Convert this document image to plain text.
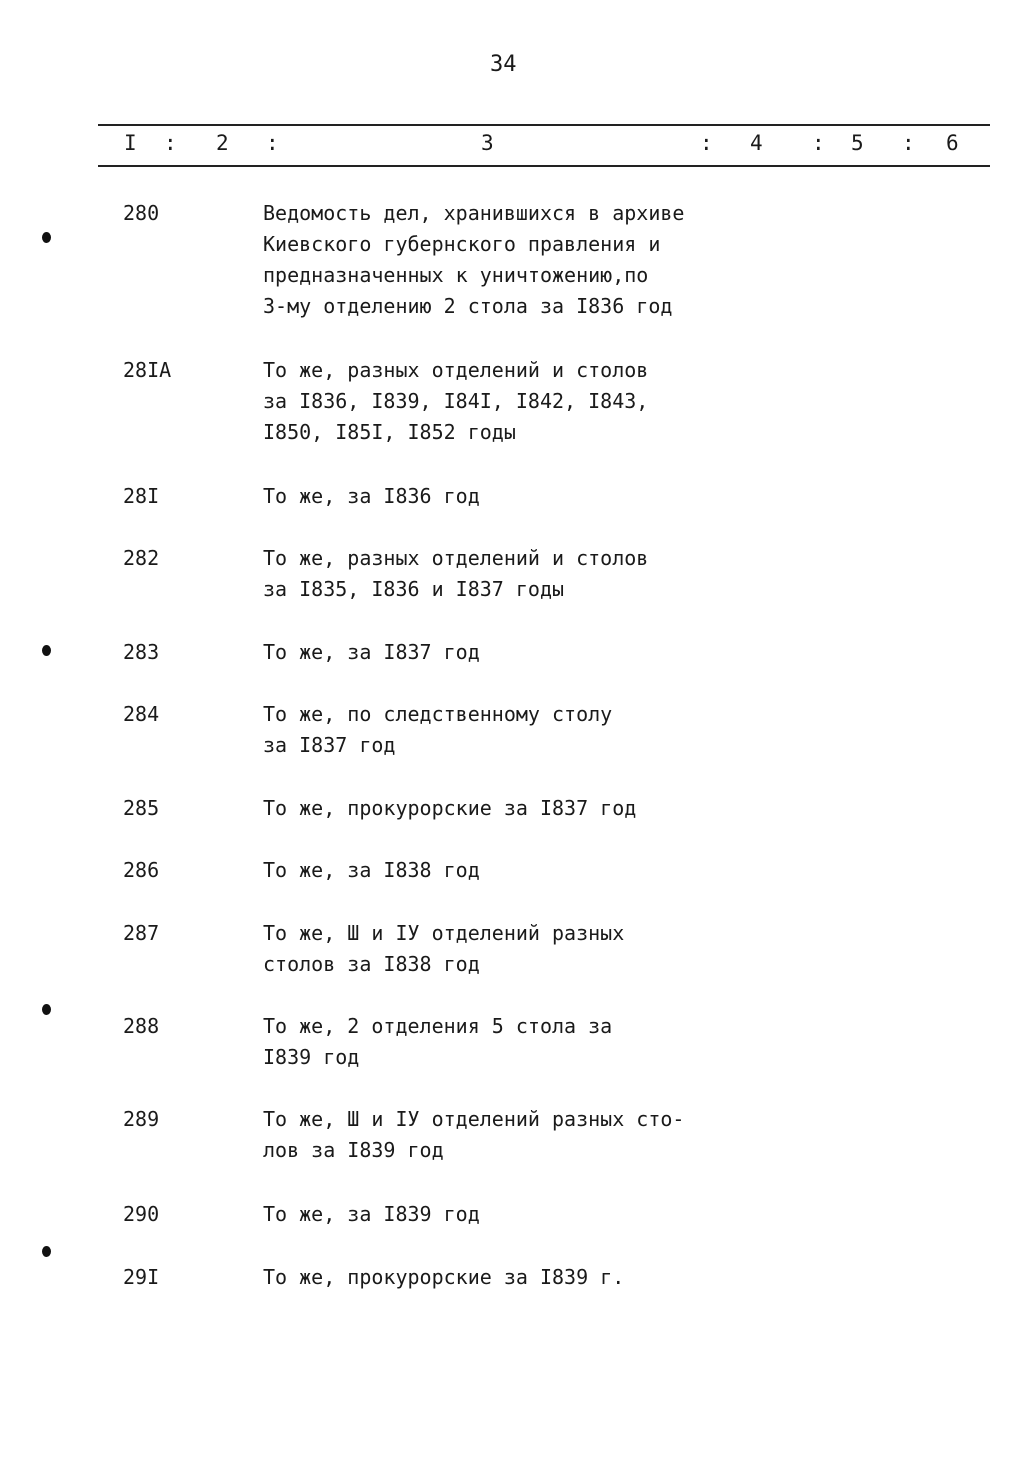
34
I : 2 :	3	: 4 : 5 : 6
280	Ведомость дел, хранившихся в архиве
Киевского губернского правления и
предназначенных к уничтожению,по
3-му отделению 2 стола за I836 год
28IA	То же, разных отделений и столов
за I836, I839, I84I, I842, I843,
I850, I85I, I852 годы
28I	То же, за I836 год
282	То же, разных отделений и столов
за I835, I836 и I837 годы
283	То же, за I837 год
284	То же, по следственному столу
за I837 год
285	То же, прокурорские за I837 год
286	То же, за I838 год
287	То же, Ш и IУ отделений разных
столов за I838 год
288	То же, 2 отделения 5 стола за
I839 год
289	То же, Ш и IУ отделений разных сто-
лов за I839 год
290	То же, за I839 год
29I	То же, прокурорские за I839 г.
